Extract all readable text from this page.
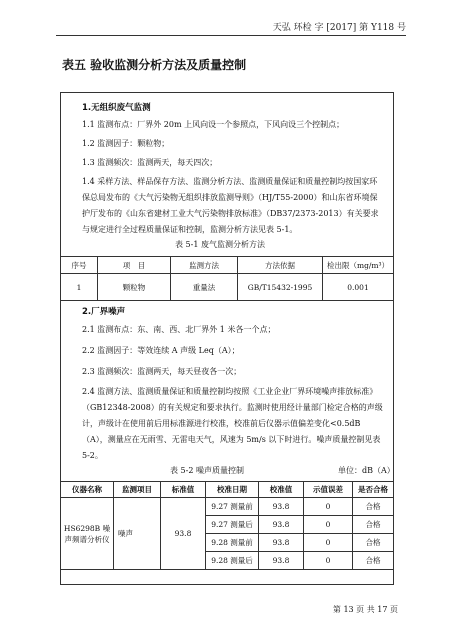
天弘 环检 字 [2017] 第 Y118 号
表五 验收监测分析方法及质量控制
1.无组织废气监测
1.1 监测布点：厂界外 20m 上风向设一个参照点，下风向设三个控制点；
1.2 监测因子：颗粒物；
1.3 监测频次：监测两天，每天四次；
1.4 采样方法、样品保存方法、监测分析方法、监测质量保证和质量控制均按国家环保总局发布的《大气污染物无组织排放监测导则》（HJ/T55-2000）和山东省环境保护厅发布的《山东省建材工业大气污染物排放标准》（DB37/2373-2013）有关要求与规定进行全过程质量保证和控制，监测分析方法见表 5-1。
表 5-1 废气监测分析方法
序号	项　目	监测方法	方法依据	检出限（mg/m³）
1	颗粒物	重量法	GB/T15432-1995	0.001
2.厂界噪声
2.1 监测布点：东、南、西、北厂界外 1 米各一个点；
2.2 监测因子：等效连续 A 声级 Leq（A）；
2.3 监测频次：监测两天，每天昼夜各一次；
2.4 监测方法、监测质量保证和质量控制均按照《工业企业厂界环境噪声排放标准》（GB12348-2008）的有关规定和要求执行。监测时使用经计量部门检定合格的声级计，声级计在使用前后用标准源进行校准，校准前后仪器示值偏差变化<0.5dB（A），测量应在无雨雪、无雷电天气，风速为 5m/s 以下时进行。噪声质量控制见表 5-2。
表 5-2 噪声质量控制	单位：dB（A）
仪器名称	监测项目	标准值	校准日期	校准值	示值误差	是否合格
HS6298B 噪声频谱分析仪	噪声	93.8	9.27 测量前	93.8	0	合格
			9.27 测量后	93.8	0	合格
			9.28 测量前	93.8	0	合格
			9.28 测量后	93.8	0	合格
第 13 页 共 17 页
